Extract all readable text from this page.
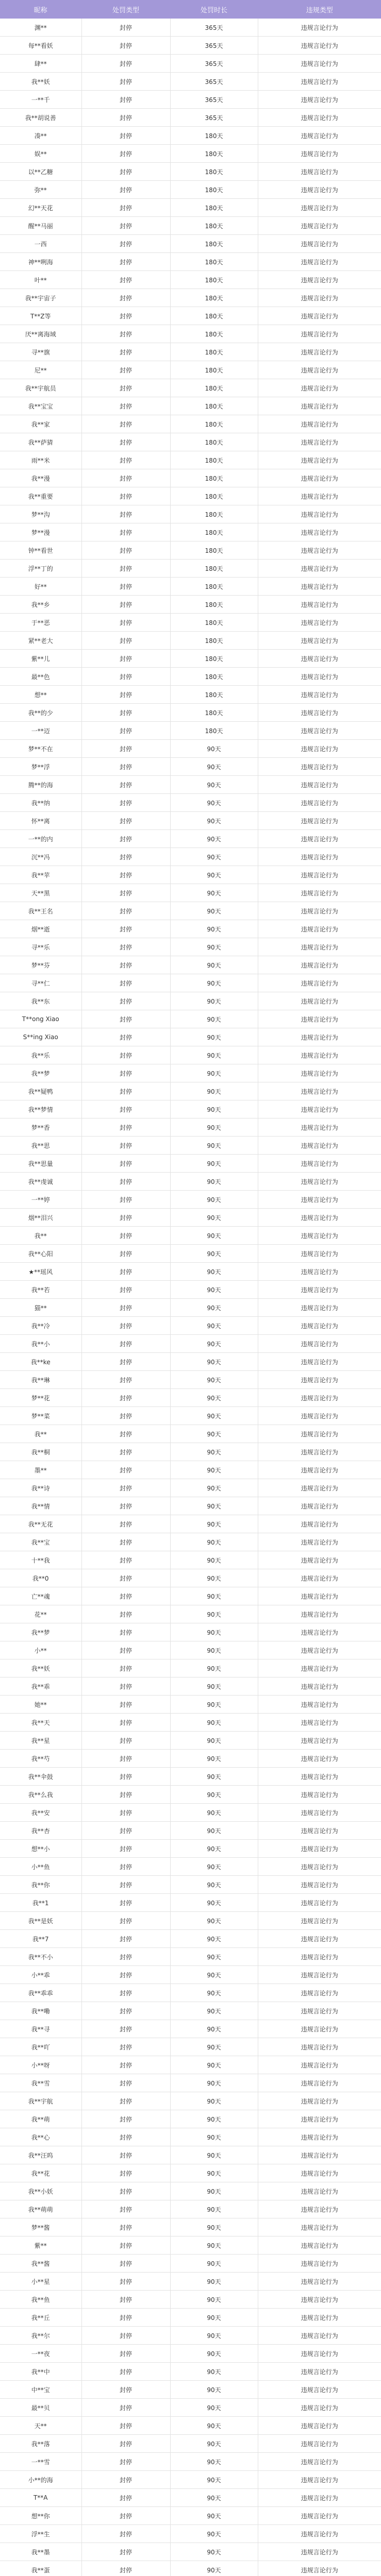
昵称	处罚类型	处罚时长	违规类型
渊**	封停	365天	违规言论行为
每**看妖	封停	365天	违规言论行为
肆**	封停	365天	违规言论行为
我**妖	封停	365天	违规言论行为
一**千	封停	365天	违规言论行为
我**胡说善	封停	365天	违规言论行为
凑**	封停	180天	违规言论行为
娱**	封停	180天	违规言论行为
以**乙糖	封停	180天	违规言论行为
弥**	封停	180天	违规言论行为
幻**天花	封停	180天	违规言论行为
醒**马丽	封停	180天	违规言论行为
一西	封停	180天	违规言论行为
神**咧海	封停	180天	违规言论行为
叶**	封停	180天	违规言论行为
我**宇宙子	封停	180天	违规言论行为
T**Z等	封停	180天	违规言论行为
厌**离海域	封停	180天	违规言论行为
寻**旗	封停	180天	违规言论行为
尼**	封停	180天	违规言论行为
我**宇航员	封停	180天	违规言论行为
我**宝宝	封停	180天	违规言论行为
我**家	封停	180天	违规言论行为
我**萨猜	封停	180天	违规言论行为
雨**米	封停	180天	违规言论行为
我**漫	封停	180天	违规言论行为
我**重要	封停	180天	违规言论行为
梦**沟	封停	180天	违规言论行为
梦**漫	封停	180天	违规言论行为
钟**看世	封停	180天	违规言论行为
浮**丁的	封停	180天	违规言论行为
好**	封停	180天	违规言论行为
我**乡	封停	180天	违规言论行为
于**恶	封停	180天	违规言论行为
紧**老大	封停	180天	违规言论行为
紫**儿	封停	180天	违规言论行为
最**色	封停	180天	违规言论行为
想**	封停	180天	违规言论行为
我**的少	封停	180天	违规言论行为
一**迈	封停	180天	违规言论行为
梦**不在	封停	90天	违规言论行为
梦**浮	封停	90天	违规言论行为
腾**的海	封停	90天	违规言论行为
我**纳	封停	90天	违规言论行为
怀**离	封停	90天	违规言论行为
一**的内	封停	90天	违规言论行为
沉**冯	封停	90天	违规言论行为
我**苹	封停	90天	违规言论行为
天**黑	封停	90天	违规言论行为
我**王名	封停	90天	违规言论行为
烟**逝	封停	90天	违规言论行为
寻**乐	封停	90天	违规言论行为
梦**芬	封停	90天	违规言论行为
寻**仁	封停	90天	违规言论行为
我**东	封停	90天	违规言论行为
T**ong Xiao	封停	90天	违规言论行为
S**ing Xiao	封停	90天	违规言论行为
我**乐	封停	90天	违规言论行为
我**梦	封停	90天	违规言论行为
我**疑鸭	封停	90天	违规言论行为
我**梦情	封停	90天	违规言论行为
梦**香	封停	90天	违规言论行为
我**思	封停	90天	违规言论行为
我**思量	封停	90天	违规言论行为
我**虔诚	封停	90天	违规言论行为
一**婷	封停	90天	违规言论行为
烟**泪兴	封停	90天	违规言论行为
我**	封停	90天	违规言论行为
我**心阳	封停	90天	违规言论行为
★**瑶风	封停	90天	违规言论行为
我**若	封停	90天	违规言论行为
猫**	封停	90天	违规言论行为
我**冷	封停	90天	违规言论行为
我**小	封停	90天	违规言论行为
我**ke	封停	90天	违规言论行为
我**琳	封停	90天	违规言论行为
梦**花	封停	90天	违规言论行为
梦**菜	封停	90天	违规言论行为
我**	封停	90天	违规言论行为
我**桐	封停	90天	违规言论行为
墨**	封停	90天	违规言论行为
我**诗	封停	90天	违规言论行为
我**情	封停	90天	违规言论行为
我**无花	封停	90天	违规言论行为
我**宝	封停	90天	违规言论行为
十**我	封停	90天	违规言论行为
我**0	封停	90天	违规言论行为
亡**魂	封停	90天	违规言论行为
花**	封停	90天	违规言论行为
我**梦	封停	90天	违规言论行为
小**	封停	90天	违规言论行为
我**妖	封停	90天	违规言论行为
我**乖	封停	90天	违规言论行为
她**	封停	90天	违规言论行为
我**天	封停	90天	违规言论行为
我**星	封停	90天	违规言论行为
我**芍	封停	90天	违规言论行为
我**伞鼓	封停	90天	违规言论行为
我**么我	封停	90天	违规言论行为
我**安	封停	90天	违规言论行为
我**杏	封停	90天	违规言论行为
想**小	封停	90天	违规言论行为
小**鱼	封停	90天	违规言论行为
我**你	封停	90天	违规言论行为
我**1	封停	90天	违规言论行为
我**是妖	封停	90天	违规言论行为
我**7	封停	90天	违规言论行为
我**不小	封停	90天	违规言论行为
小**乖	封停	90天	违规言论行为
我**乖乖	封停	90天	违规言论行为
我**嘞	封停	90天	违规言论行为
我**寻	封停	90天	违规言论行为
我**吖	封停	90天	违规言论行为
小**呀	封停	90天	违规言论行为
我**雪	封停	90天	违规言论行为
我**宇航	封停	90天	违规言论行为
我**萌	封停	90天	违规言论行为
我**心	封停	90天	违规言论行为
我**汪呜	封停	90天	违规言论行为
我**花	封停	90天	违规言论行为
我**小妖	封停	90天	违规言论行为
我**萌萌	封停	90天	违规言论行为
梦**酱	封停	90天	违规言论行为
紫**	封停	90天	违规言论行为
我**酱	封停	90天	违规言论行为
小**星	封停	90天	违规言论行为
我**鱼	封停	90天	违规言论行为
我**丘	封停	90天	违规言论行为
我**尔	封停	90天	违规言论行为
一**夜	封停	90天	违规言论行为
我**中	封停	90天	违规言论行为
中**宝	封停	90天	违规言论行为
最**贝	封停	90天	违规言论行为
天**	封停	90天	违规言论行为
我**落	封停	90天	违规言论行为
一**雪	封停	90天	违规言论行为
小**的海	封停	90天	违规言论行为
T**A	封停	90天	违规言论行为
想**你	封停	90天	违规言论行为
浮**生	封停	90天	违规言论行为
我**墨	封停	90天	违规言论行为
我**蛋	封停	90天	违规言论行为
